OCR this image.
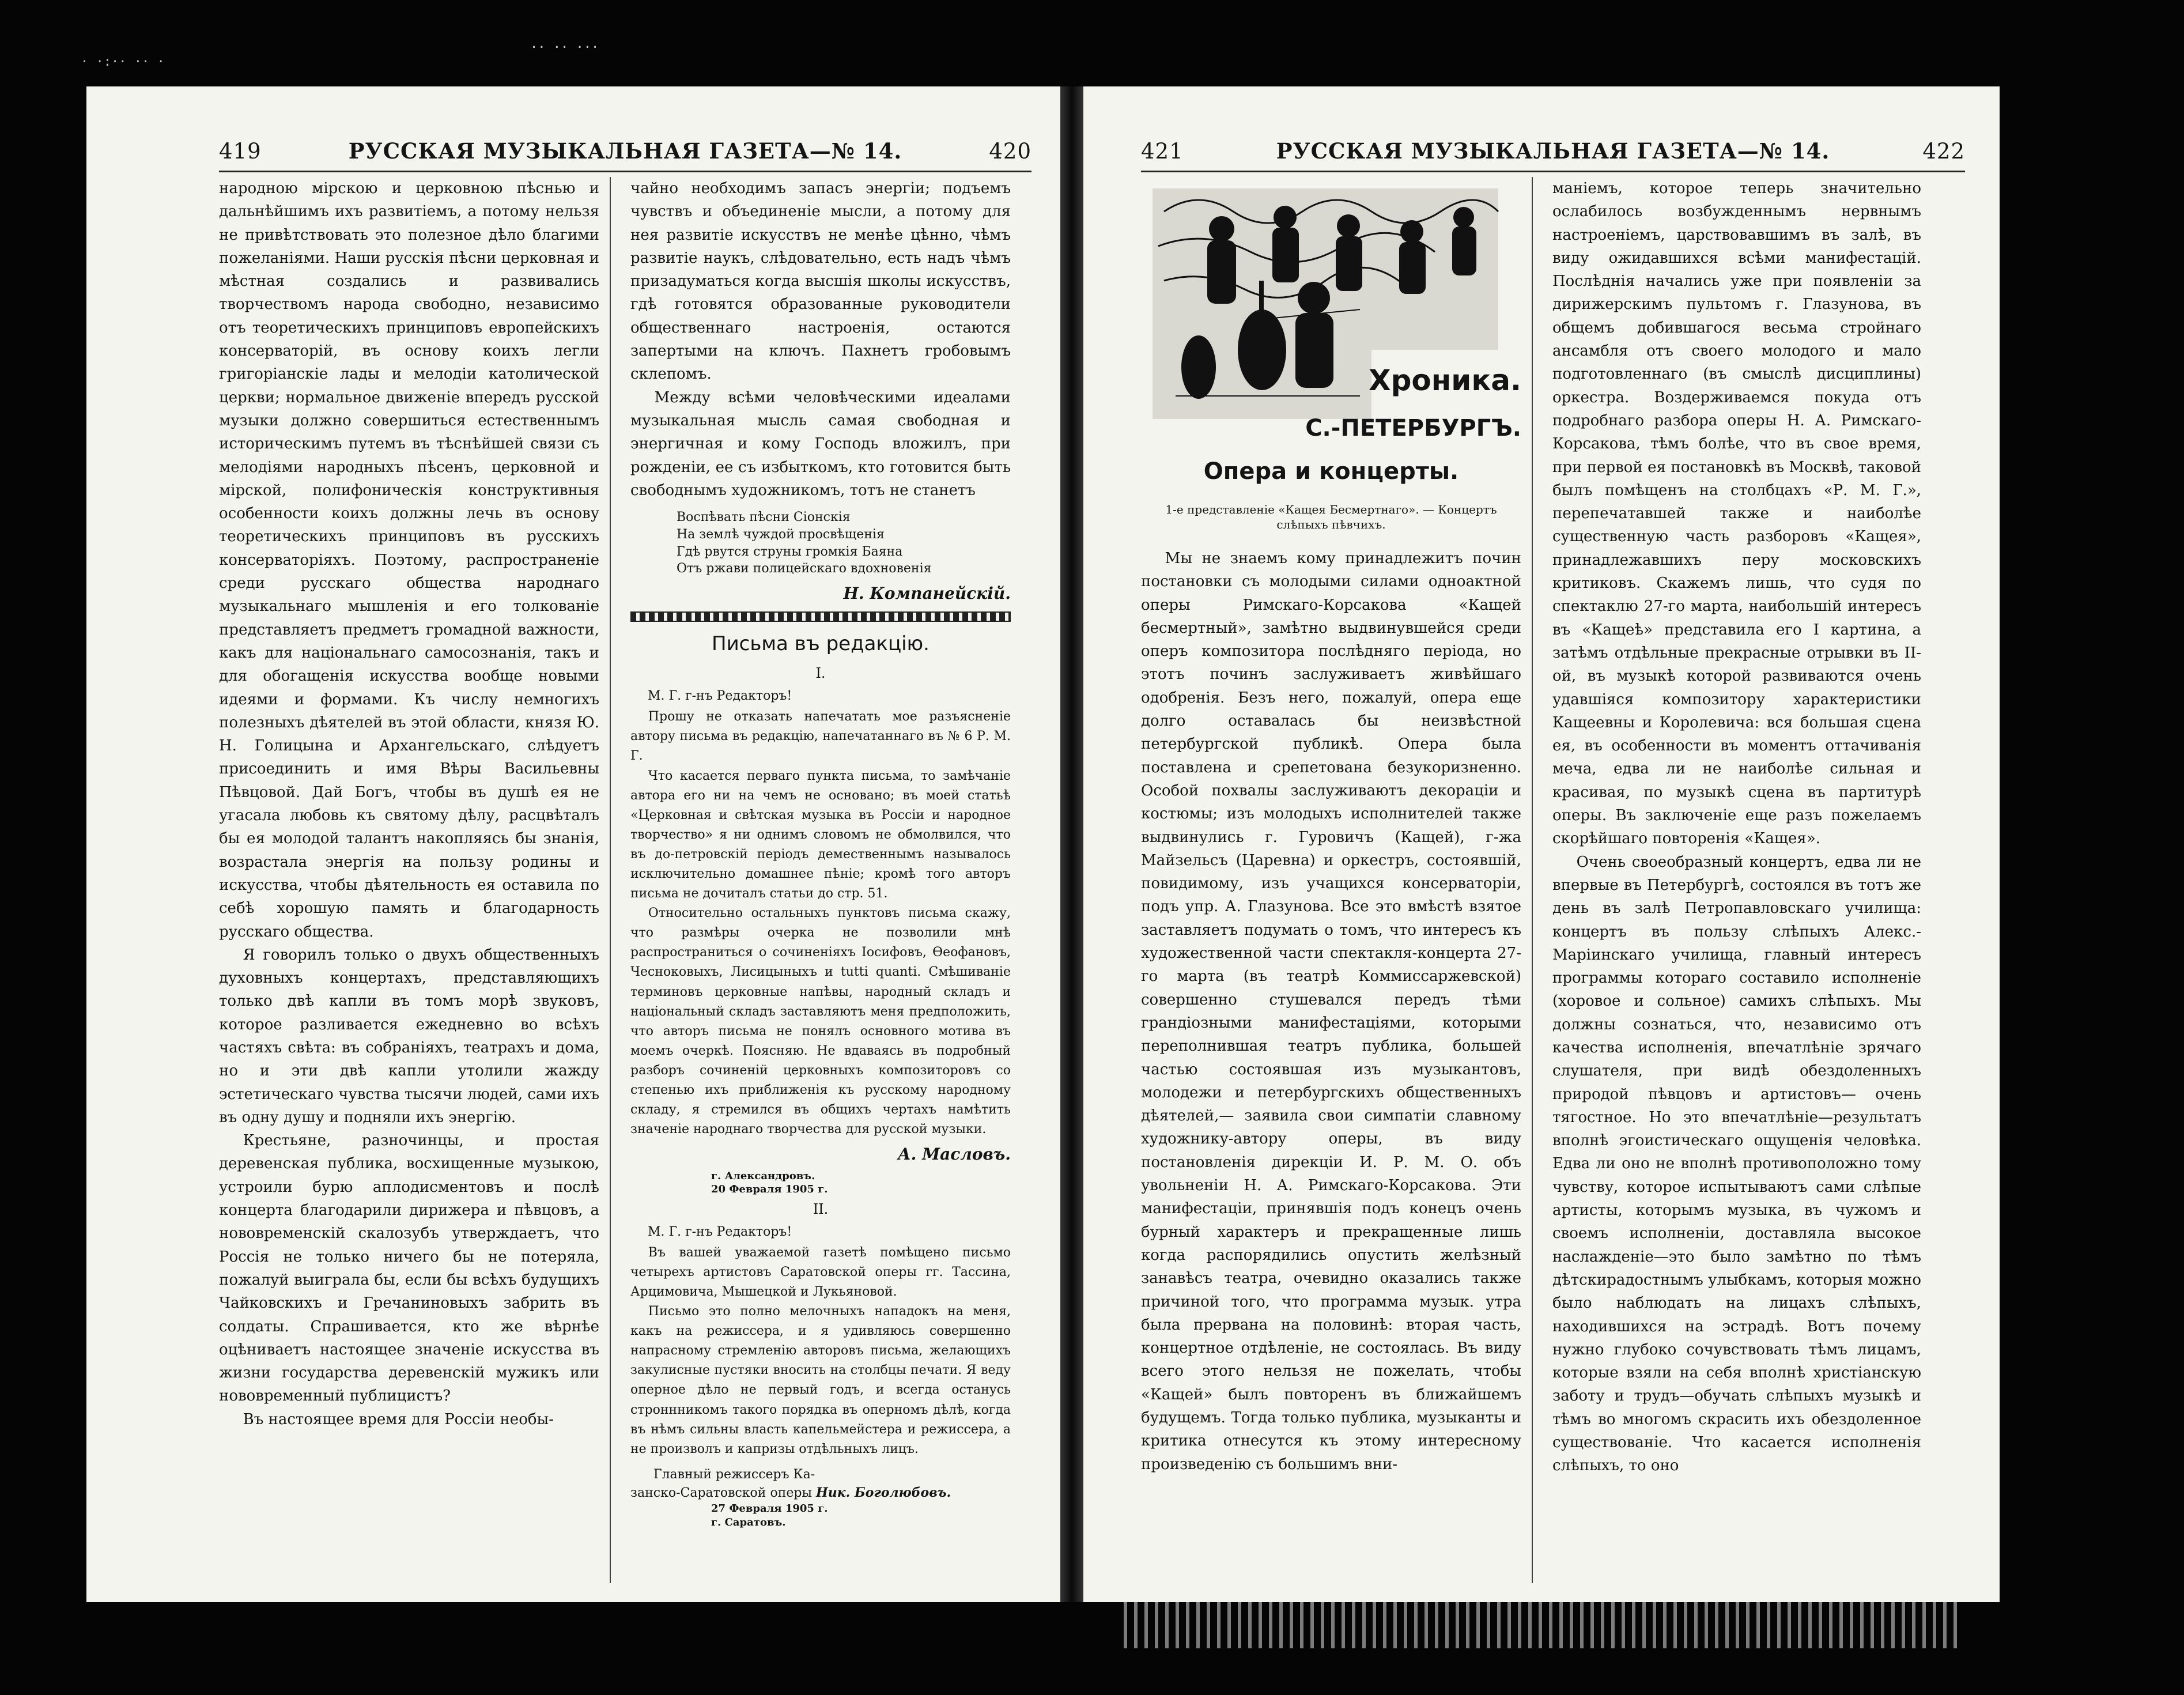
· ·:·· ·· ·
·· ·· ···
419	РУССКАЯ МУЗЫКАЛЬНАЯ ГАЗЕТА—№ 14.	420

народною мірскою и церковною пѣснью и дальнѣйшимъ ихъ развитіемъ, а потому нельзя не привѣтствовать это полезное дѣло благими пожеланіями. Наши русскія пѣсни церковная и мѣстная создались и развивались творчествомъ народа свободно, независимо отъ теоретическихъ принциповъ европейскихъ консерваторій, въ основу коихъ легли григоріанскіе лады и мелодіи католической церкви; нормальное движеніе впередъ русской музыки должно совершиться естественнымъ историческимъ путемъ въ тѣснѣйшей связи съ мелодіями народныхъ пѣсенъ, церковной и мірской, полифоническія конструктивныя особенности коихъ должны лечь въ основу теоретическихъ принциповъ въ русскихъ консерваторіяхъ. Поэтому, распространеніе среди русскаго общества народнаго музыкальнаго мышленія и его толкованіе представляетъ предметъ громадной важности, какъ для національнаго самосознанія, такъ и для обогащенія искусства вообще новыми идеями и формами. Къ числу немногихъ полезныхъ дѣятелей въ этой области, князя Ю. Н. Голицына и Архангельскаго, слѣдуетъ присоединить и имя Вѣры Васильевны Пѣвцовой. Дай Богъ, чтобы въ душѣ ея не угасала любовь къ святому дѣлу, расцвѣталъ бы ея молодой талантъ накопляясь бы знанія, возрастала энергія на пользу родины и искусства, чтобы дѣятельность ея оставила по себѣ хорошую память и благодарность русскаго общества.

Я говорилъ только о двухъ общественныхъ духовныхъ концертахъ, представляющихъ только двѣ капли въ томъ морѣ звуковъ, которое разливается ежедневно во всѣхъ частяхъ свѣта: въ собраніяхъ, театрахъ и дома, но и эти двѣ капли утолили жажду эстетическаго чувства тысячи людей, сами ихъ въ одну душу и подняли ихъ энергію.

Крестьяне, разночинцы, и простая деревенская публика, восхищенные музыкою, устроили бурю аплодисментовъ и послѣ концерта благодарили дирижера и пѣвцовъ, а нововременскій скалозубъ утверждаетъ, что Россія не только ничего бы не потеряла, пожалуй выиграла бы, если бы всѣхъ будущихъ Чайковскихъ и Гречаниновыхъ забрить въ солдаты. Спрашивается, кто же вѣрнѣе оцѣниваетъ настоящее значеніе искусства въ жизни государства деревенскій мужикъ или нововременный публицистъ?

Въ настоящее время для Россіи необы-

чайно необходимъ запасъ энергіи; подъемъ чувствъ и объединеніе мысли, а потому для нея развитіе искусствъ не менѣе цѣнно, чѣмъ развитіе наукъ, слѣдовательно, есть надъ чѣмъ призадуматься когда высшія школы искусствъ, гдѣ готовятся образованные руководители общественнаго настроенія, остаются запертыми на ключъ. Пахнетъ гробовымъ склепомъ.

Между всѣми человѣческими идеалами музыкальная мысль самая свободная и энергичная и кому Господь вложилъ, при рожденіи, ее съ избыткомъ, кто готовится быть свободнымъ художникомъ, тотъ не станетъ

Воспѣвать пѣсни Сіонскія
На землѣ чуждой просвѣщенія
Гдѣ рвутся струны громкія Баяна
Отъ ржави полицейскаго вдохновенія
Н. Компанейскій.
Письма въ редакцію.
I.
М. Г. г-нъ Редакторъ!

Прошу не отказать напечатать мое разъясненіе автору письма въ редакцію, напечатаннаго въ № 6 Р. М. Г.

Что касается перваго пункта письма, то замѣчаніе автора его ни на чемъ не основано; въ моей статьѣ «Церковная и свѣтская музыка въ Россіи и народное творчество» я ни однимъ словомъ не обмолвился, что въ до-петровскій періодъ демественнымъ называлось исключительно домашнее пѣніе; кромѣ того авторъ письма не дочиталъ статьи до стр. 51.

Относительно остальныхъ пунктовъ письма скажу, что размѣры очерка не позволили мнѣ распространиться о сочиненіяхъ Іосифовъ, Ѳеофановъ, Чесноковыхъ, Лисицыныхъ и tutti quanti. Смѣшиваніе терминовъ церковные напѣвы, народный складъ и національный складъ заставляютъ меня предположить, что авторъ письма не понялъ основного мотива въ моемъ очеркѣ. Поясняю. Не вдаваясь въ подробный разборъ сочиненій церковныхъ композиторовъ со степенью ихъ приближенія къ русскому народному складу, я стремился въ общихъ чертахъ намѣтить значеніе народнаго творчества для русской музыки.

А. Масловъ.
г. Александровъ.
20 Февраля 1905 г.
II.
М. Г. г-нъ Редакторъ!

Въ вашей уважаемой газетѣ помѣщено письмо четырехъ артистовъ Саратовской оперы гг. Тассина, Арцимовича, Мышецкой и Лукьяновой.

Письмо это полно мелочныхъ нападокъ на меня, какъ на режиссера, и я удивляюсь совершенно напрасному стремленію авторовъ письма, желающихъ закулисные пустяки вносить на столбцы печати. Я веду оперное дѣло не первый годъ, и всегда останусь строннникомъ такого порядка въ оперномъ дѣлѣ, когда въ нѣмъ сильны власть капельмейстера и режиссера, а не произволъ и капризы отдѣльныхъ лицъ.

Главный режиссеръ Ка-
занско-Саратовской оперы Ник. Боголюбовъ.
27 Февраля 1905 г.
г. Саратовъ.
421	РУССКАЯ МУЗЫКАЛЬНАЯ ГАЗЕТА—№ 14.	422
Хроника.
С.-ПЕТЕРБУРГЪ.
Опера и концерты.
1-е представленіе «Кащея Бесмертнаго». — Концертъ слѣпыхъ пѣвчихъ.

Мы не знаемъ кому принадлежитъ почин постановки съ молодыми силами одноактной оперы Римскаго-Корсакова «Кащей бесмертный», замѣтно выдвинувшейся среди оперъ композитора послѣдняго періода, но этотъ починъ заслуживаетъ живѣйшаго одобренія. Безъ него, пожалуй, опера еще долго оставалась бы неизвѣстной петербургской публикѣ. Опера была поставлена и срепетована безукоризненно. Особой похвалы заслуживаютъ декораціи и костюмы; изъ молодыхъ исполнителей также выдвинулись г. Гуровичъ (Кащей), г-жа Майзельсъ (Царевна) и оркестръ, состоявшій, повидимому, изъ учащихся консерваторіи, подъ упр. А. Глазунова. Все это вмѣстѣ взятое заставляетъ подумать о томъ, что интересъ къ художественной части спектакля-концерта 27-го марта (въ театрѣ Коммиссаржевской) совершенно стушевался передъ тѣми грандіозными манифестаціями, которыми переполнившая театръ публика, большей частью состоявшая изъ музыкантовъ, молодежи и петербургскихъ общественныхъ дѣятелей,— заявила свои симпатіи славному художнику-автору оперы, въ виду постановленія дирекціи И. Р. М. О. объ увольненіи Н. А. Римскаго-Корсакова. Эти манифестаціи, принявшія подъ конецъ очень бурный характеръ и прекращенные лишь когда распорядились опустить желѣзный занавѣсъ театра, очевидно оказались также причиной того, что программа музык. утра была прервана на половинѣ: вторая часть, концертное отдѣленіе, не состоялась. Въ виду всего этого нельзя не пожелать, чтобы «Кащей» былъ повторенъ въ ближайшемъ будущемъ. Тогда только публика, музыканты и критика отнесутся къ этому интересному произведенію съ большимъ вни-

маніемъ, которое теперь значительно ослабилось возбужденнымъ нервнымъ настроеніемъ, царствовавшимъ въ залѣ, въ виду ожидавшихся всѣми манифестацій. Послѣднія начались уже при появленіи за дирижерскимъ пультомъ г. Глазунова, въ общемъ добившагося весьма стройнаго ансамбля отъ своего молодого и мало подготовленнаго (въ смыслѣ дисциплины) оркестра. Воздерживаемся покуда отъ подробнаго разбора оперы Н. А. Римскаго-Корсакова, тѣмъ болѣе, что въ свое время, при первой ея постановкѣ въ Москвѣ, таковой былъ помѣщенъ на столбцахъ «Р. М. Г.», перепечатавшей также и наиболѣе существенную часть разборовъ «Кащея», принадлежавшихъ перу московскихъ критиковъ. Скажемъ лишь, что судя по спектаклю 27-го марта, наибольшій интересъ въ «Кащеѣ» представила его I картина, а затѣмъ отдѣльные прекрасные отрывки въ II-ой, въ музыкѣ которой развиваются очень удавшіяся композитору характеристики Кащеевны и Королевича: вся большая сцена ея, въ особенности въ моментъ оттачиванія меча, едва ли не наиболѣе сильная и красивая, по музыкѣ сцена въ партитурѣ оперы. Въ заключеніе еще разъ пожелаемъ скорѣйшаго повторенія «Кащея».

Очень своеобразный концертъ, едва ли не впервые въ Петербургѣ, состоялся въ тотъ же день въ залѣ Петропавловскаго училища: концертъ въ пользу слѣпыхъ Алекс.-Маріинскаго училища, главный интересъ программы котораго составило исполненіе (хоровое и сольное) самихъ слѣпыхъ. Мы должны сознаться, что, независимо отъ качества исполненія, впечатлѣніе зрячаго слушателя, при видѣ обездоленныхъ природой пѣвцовъ и артистовъ— очень тягостное. Но это впечатлѣніе—результатъ вполнѣ эгоистическаго ощущенія человѣка. Едва ли оно не вполнѣ противоположно тому чувству, которое испытываютъ сами слѣпые артисты, которымъ музыка, въ чужомъ и своемъ исполненіи, доставляла высокое наслажденіе—это было замѣтно по тѣмъ дѣтскирадостнымъ улыбкамъ, которыя можно было наблюдать на лицахъ слѣпыхъ, находившихся на эстрадѣ. Вотъ почему нужно глубоко сочувствовать тѣмъ лицамъ, которые взяли на себя вполнѣ христіанскую заботу и трудъ—обучать слѣпыхъ музыкѣ и тѣмъ во многомъ скрасить ихъ обездоленное существованіе. Что касается исполненія слѣпыхъ, то оно
